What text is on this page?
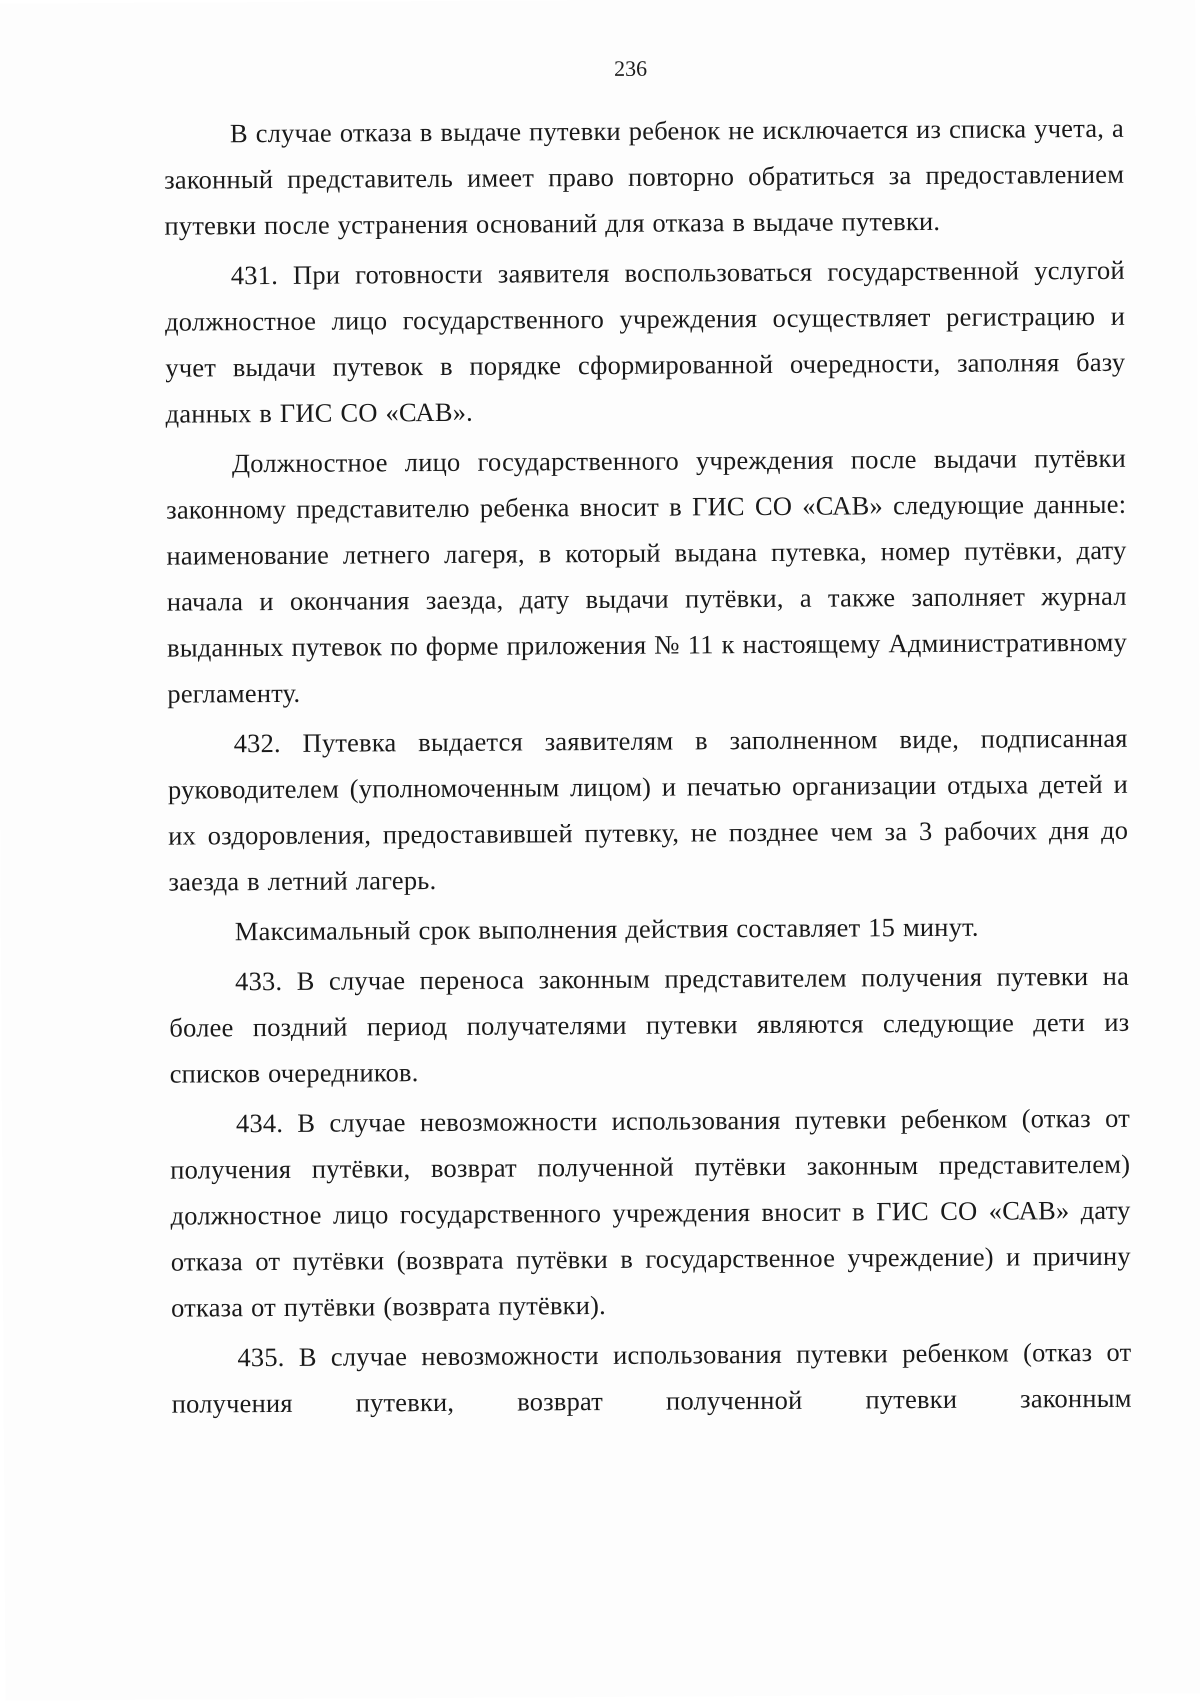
236

В случае отказа в выдаче путевки ребенок не исключается из списка учета, а законный представитель имеет право повторно обратиться за предоставлением путевки после устранения оснований для отказа в выдаче путевки.

431. При готовности заявителя воспользоваться государственной услугой должностное лицо государственного учреждения осуществляет регистрацию и учет выдачи путевок в порядке сформированной очередности, заполняя базу данных в ГИС СО «САВ».

Должностное лицо государственного учреждения после выдачи путёвки законному представителю ребенка вносит в ГИС СО «САВ» следующие данные: наименование летнего лагеря, в который выдана путевка, номер путёвки, дату начала и окончания заезда, дату выдачи путёвки, а также заполняет журнал выданных путевок по форме приложения № 11 к настоящему Административному регламенту.

432. Путевка выдается заявителям в заполненном виде, подписанная руководителем (уполномоченным лицом) и печатью организации отдыха детей и их оздоровления, предоставившей путевку, не позднее чем за 3 рабочих дня до заезда в летний лагерь.

Максимальный срок выполнения действия составляет 15 минут.

433. В случае переноса законным представителем получения путевки на более поздний период получателями путевки являются следующие дети из списков очередников.

434. В случае невозможности использования путевки ребенком (отказ от получения путёвки, возврат полученной путёвки законным представителем) должностное лицо государственного учреждения вносит в ГИС СО «САВ» дату отказа от путёвки (возврата путёвки в государственное учреждение) и причину отказа от путёвки (возврата путёвки).

435. В случае невозможности использования путевки ребенком (отказ от получения путевки, возврат полученной путевки законным
